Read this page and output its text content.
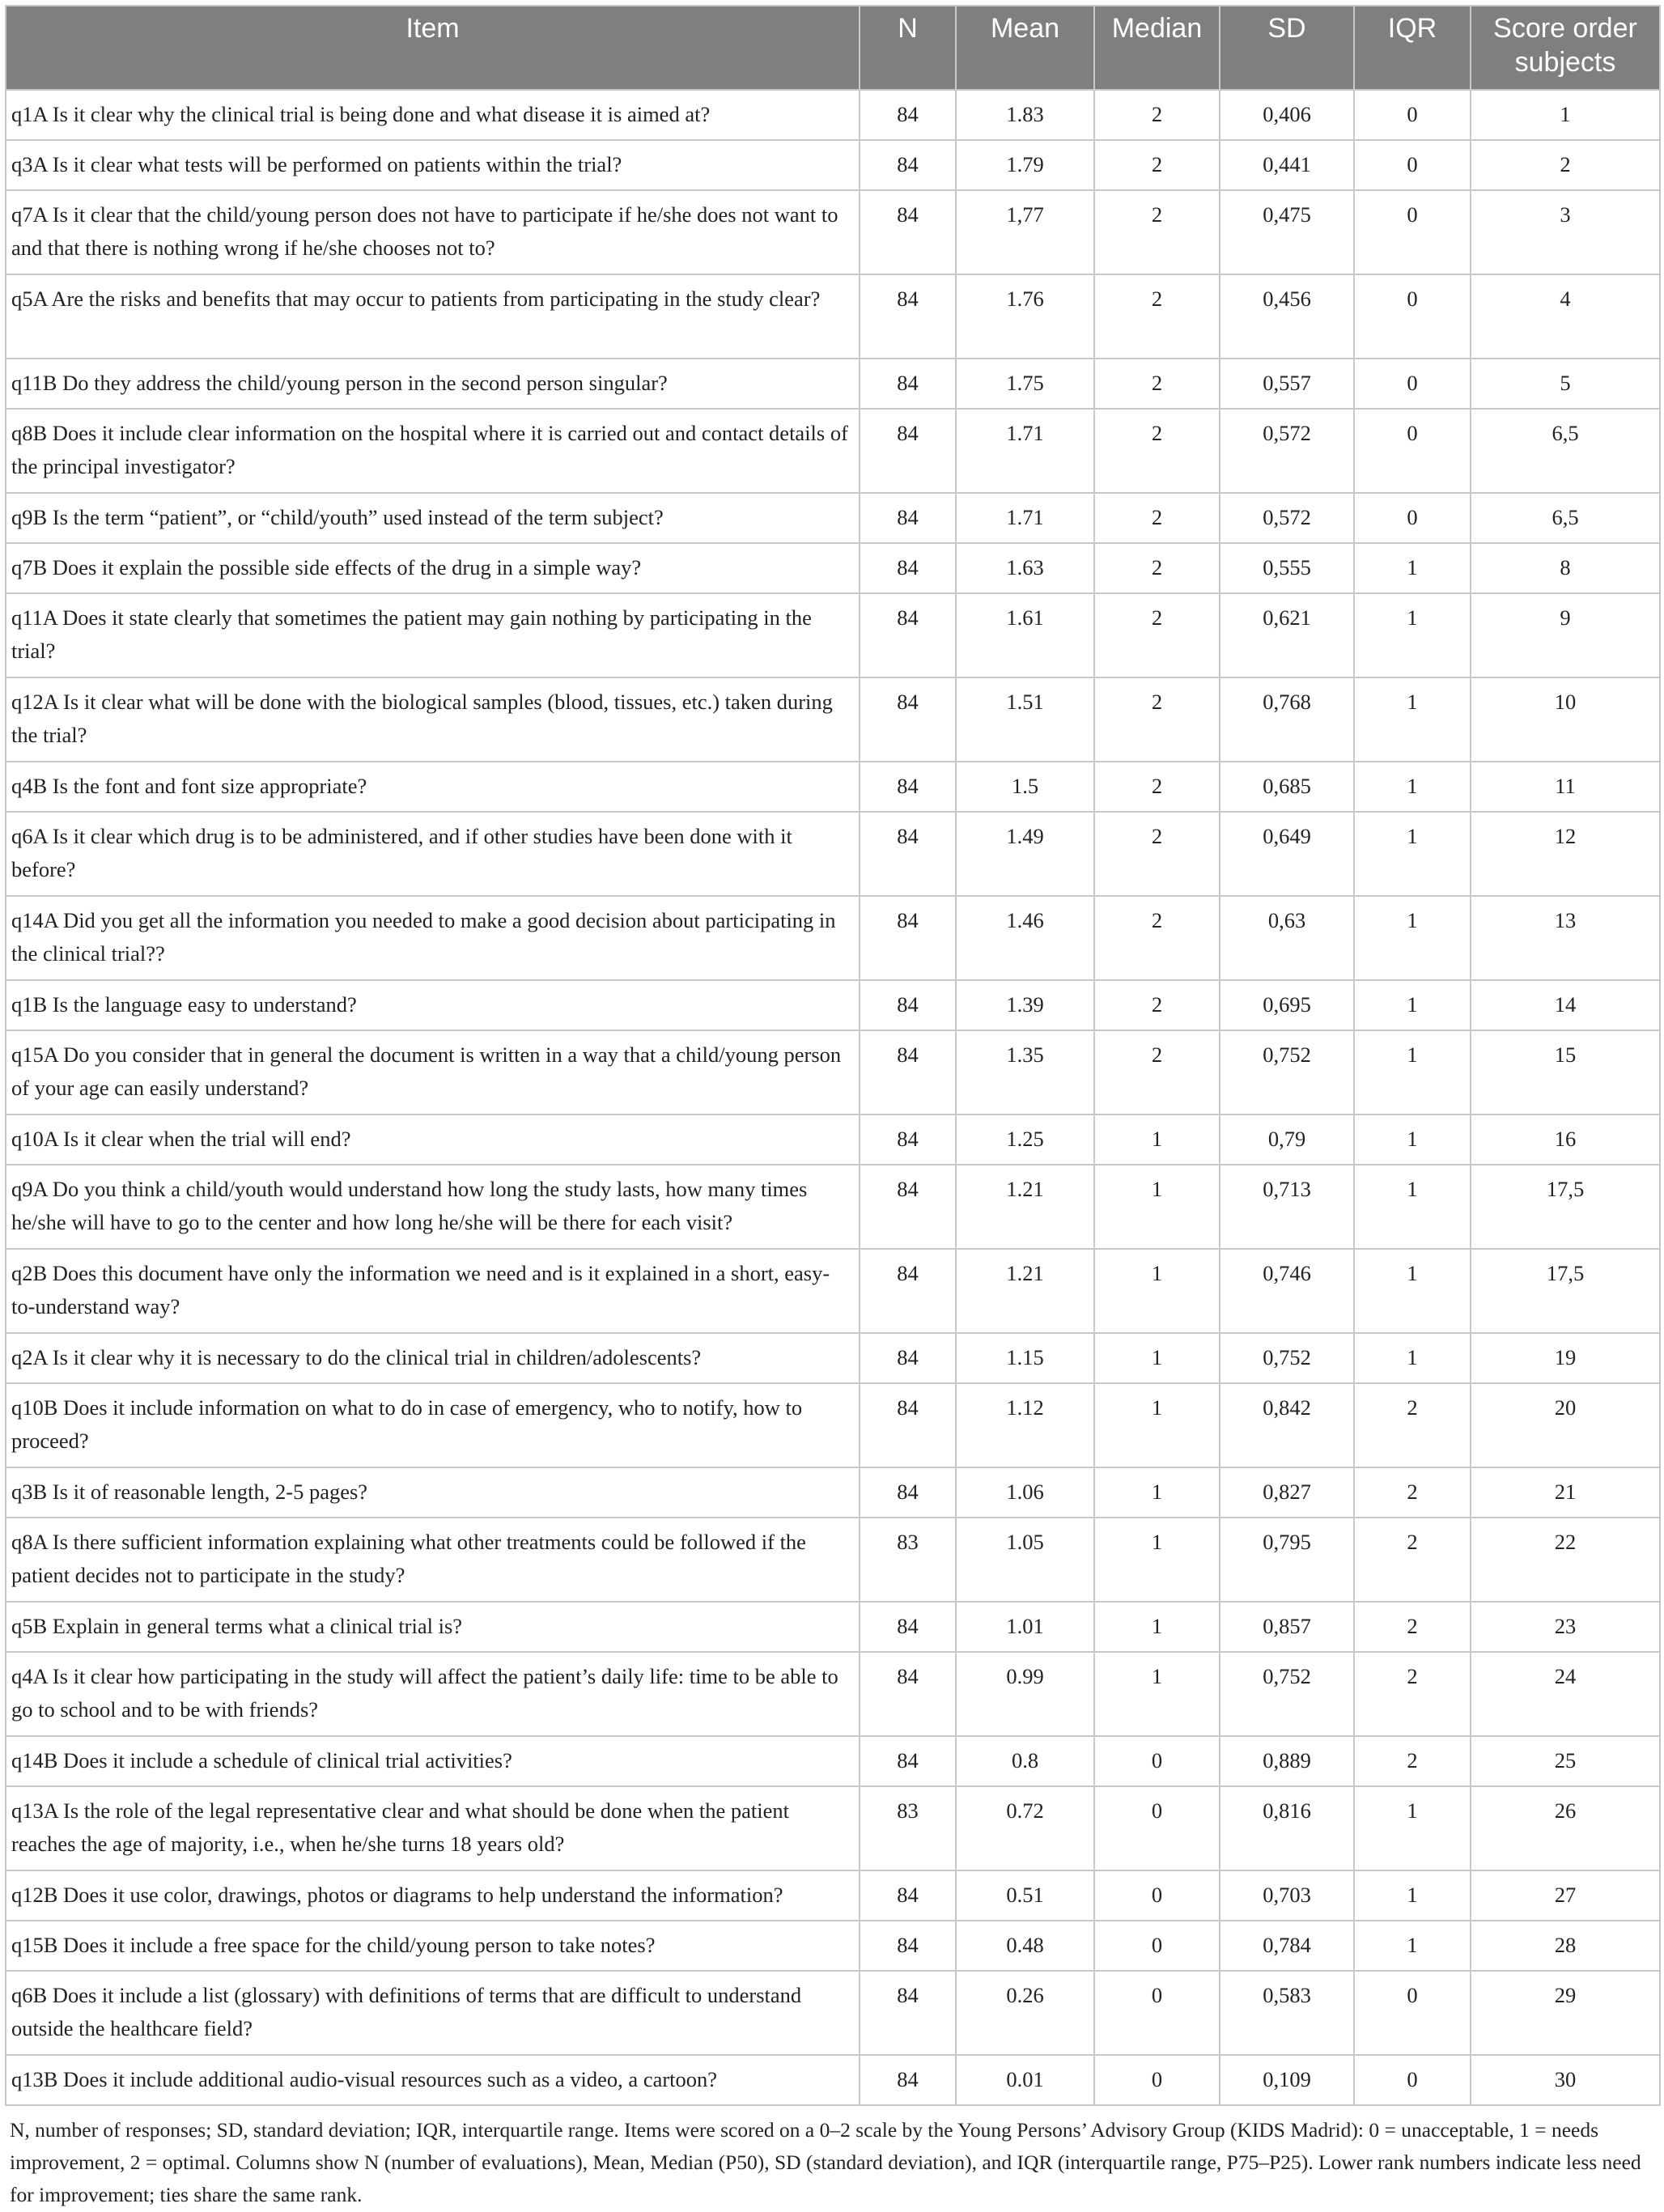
Item	N	Mean	Median	SD	IQR	Score order subjects
q1A Is it clear why the clinical trial is being done and what disease it is aimed at?	84	1.83	2	0,406	0	1
q3A Is it clear what tests will be performed on patients within the trial?	84	1.79	2	0,441	0	2
q7A Is it clear that the child/young person does not have to participate if he/she does not want to and that there is nothing wrong if he/she chooses not to?	84	1,77	2	0,475	0	3
q5A Are the risks and benefits that may occur to patients from participating in the study clear?	84	1.76	2	0,456	0	4
q11B Do they address the child/young person in the second person singular?	84	1.75	2	0,557	0	5
q8B Does it include clear information on the hospital where it is carried out and contact details of the principal investigator?	84	1.71	2	0,572	0	6,5
q9B Is the term “patient”, or “child/youth” used instead of the term subject?	84	1.71	2	0,572	0	6,5
q7B Does it explain the possible side effects of the drug in a simple way?	84	1.63	2	0,555	1	8
q11A Does it state clearly that sometimes the patient may gain nothing by participating in the trial?	84	1.61	2	0,621	1	9
q12A Is it clear what will be done with the biological samples (blood, tissues, etc.) taken during the trial?	84	1.51	2	0,768	1	10
q4B Is the font and font size appropriate?	84	1.5	2	0,685	1	11
q6A Is it clear which drug is to be administered, and if other studies have been done with it before?	84	1.49	2	0,649	1	12
q14A Did you get all the information you needed to make a good decision about participating in the clinical trial??	84	1.46	2	0,63	1	13
q1B Is the language easy to understand?	84	1.39	2	0,695	1	14
q15A Do you consider that in general the document is written in a way that a child/young person of your age can easily understand?	84	1.35	2	0,752	1	15
q10A Is it clear when the trial will end?	84	1.25	1	0,79	1	16
q9A Do you think a child/youth would understand how long the study lasts, how many times he/she will have to go to the center and how long he/she will be there for each visit?	84	1.21	1	0,713	1	17,5
q2B Does this document have only the information we need and is it explained in a short, easy-to-understand way?	84	1.21	1	0,746	1	17,5
q2A Is it clear why it is necessary to do the clinical trial in children/adolescents?	84	1.15	1	0,752	1	19
q10B Does it include information on what to do in case of emergency, who to notify, how to proceed?	84	1.12	1	0,842	2	20
q3B Is it of reasonable length, 2-5 pages?	84	1.06	1	0,827	2	21
q8A Is there sufficient information explaining what other treatments could be followed if the patient decides not to participate in the study?	83	1.05	1	0,795	2	22
q5B Explain in general terms what a clinical trial is?	84	1.01	1	0,857	2	23
q4A Is it clear how participating in the study will affect the patient’s daily life: time to be able to go to school and to be with friends?	84	0.99	1	0,752	2	24
q14B Does it include a schedule of clinical trial activities?	84	0.8	0	0,889	2	25
q13A Is the role of the legal representative clear and what should be done when the patient reaches the age of majority, i.e., when he/she turns 18 years old?	83	0.72	0	0,816	1	26
q12B Does it use color, drawings, photos or diagrams to help understand the information?	84	0.51	0	0,703	1	27
q15B Does it include a free space for the child/young person to take notes?	84	0.48	0	0,784	1	28
q6B Does it include a list (glossary) with definitions of terms that are difficult to understand outside the healthcare field?	84	0.26	0	0,583	0	29
q13B Does it include additional audio-visual resources such as a video, a cartoon?	84	0.01	0	0,109	0	30
N, number of responses; SD, standard deviation; IQR, interquartile range. Items were scored on a 0–2 scale by the Young Persons’ Advisory Group (KIDS Madrid): 0 = unacceptable, 1 = needs improvement, 2 = optimal. Columns show N (number of evaluations), Mean, Median (P50), SD (standard deviation), and IQR (interquartile range, P75–P25). Lower rank numbers indicate less need for improvement; ties share the same rank.
